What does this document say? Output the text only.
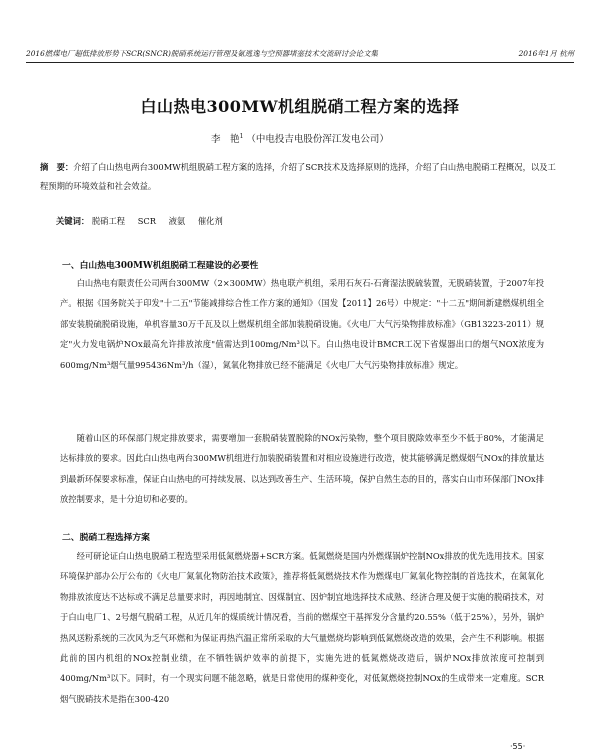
2016燃煤电厂超低排放形势下SCR(SNCR)脱硝系统运行管理及氨逃逸与空预器堵塞技术交流研讨会论文集	2016年1月 杭州
白山热电300MW机组脱硝工程方案的选择
李　艳$^1$ （中电投吉电股份浑江发电公司）
摘　要：介绍了白山热电两台300MW机组脱硝工程方案的选择，介绍了SCR技术及选择原则的选择，介绍了白山热电脱硝工程概况，以及工程预期的环境效益和社会效益。
关键词： 脱硝工程 SCR 液氨 催化剂
一、白山热电300MW机组脱硝工程建设的必要性
白山热电有限责任公司两台300MW（2×300MW）热电联产机组，采用石灰石-石膏湿法脱硫装置，无脱硝装置，于2007年投产。根据《国务院关于印发"十二五"节能减排综合性工作方案的通知》（国发【2011】26号）中规定："十二五"期间新建燃煤机组全部安装脱硫脱硝设施，单机容量30万千瓦及以上燃煤机组全部加装脱硝设施。《火电厂大气污染物排放标准》（GB13223-2011）规定"火力发电锅炉NOx最高允许排放浓度"值需达到100mg/Nm³以下。白山热电设计BMCR工况下省煤器出口的烟气NOX浓度为600mg/Nm³烟气量995436Nm³/h（湿），氮氧化物排放已经不能满足《火电厂大气污染物排放标准》规定。
随着山区的环保部门规定排放要求，需要增加一套脱硝装置脱除的NOx污染物，整个项目脱除效率至少不低于80%，才能满足达标排放的要求。因此白山热电两台300MW机组进行加装脱硝装置和对相应设施进行改造，使其能够满足燃煤烟气NOx的排放量达到最新环保要求标准，保证白山热电的可持续发展、以达到改善生产、生活环境，保护自然生态的目的，落实白山市环保部门NOx排放控制要求，是十分迫切和必要的。
二、脱硝工程选择方案
经可研论证白山热电脱硝工程选型采用低氮燃烧器+SCR方案。低氮燃烧是国内外燃煤锅炉控制NOx排放的优先选用技术。国家环境保护部办公厅公布的《火电厂氮氧化物防治技术政策》，推荐将低氮燃烧技术作为燃煤电厂氮氧化物控制的首选技术，在氮氧化物排放浓度达不达标或不满足总量要求时，再因地制宜、因煤制宜、因炉制宜地选择技术成熟、经济合理及便于实施的脱硝技术，对于白山电厂1、2号烟气脱硝工程，从近几年的煤质统计情况看，当前的燃煤空干基挥发分含量约20.55%（低于25%），另外，锅炉热风送粉系统的三次风为乏气环燃和为保证再热汽温正常所采取的大气量燃烧均影响到低氮燃烧改造的效果，会产生不利影响。根据此前的国内机组的NOx控制业绩，在不牺牲锅炉效率的前提下，实施先进的低氮燃烧改造后，锅炉NOx排放浓度可控制到400mg/Nm³以下。同时，有一个现实问题不能忽略，就是日常使用的煤种变化，对低氮燃烧控制NOx的生成带来一定难度。SCR烟气脱硝技术是指在300-420
·55·
